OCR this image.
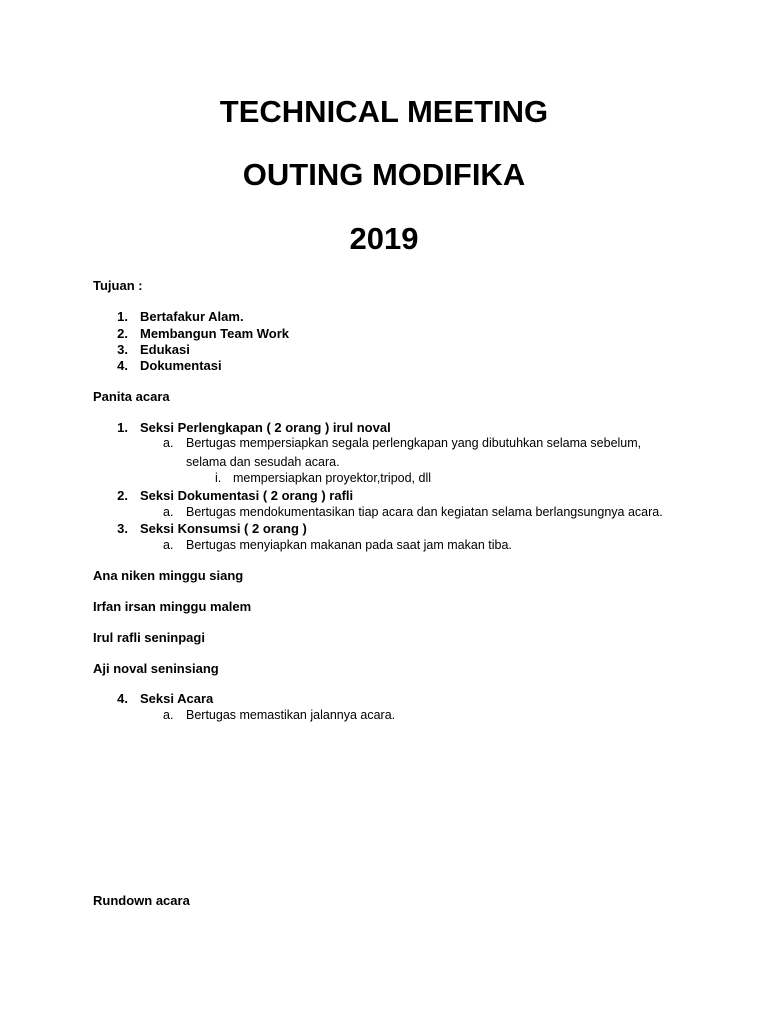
TECHNICAL MEETING
OUTING MODIFIKA
2019
Tujuan :
1. Bertafakur Alam.
2. Membangun Team Work
3. Edukasi
4. Dokumentasi
Panita acara
1. Seksi Perlengkapan ( 2 orang ) irul noval
a. Bertugas mempersiapkan segala perlengkapan yang dibutuhkan selama sebelum,
selama dan sesudah acara.
i. mempersiapkan proyektor,tripod, dll
2. Seksi Dokumentasi ( 2 orang ) rafli
a. Bertugas mendokumentasikan tiap acara dan kegiatan selama berlangsungnya acara.
3. Seksi Konsumsi ( 2 orang )
a. Bertugas menyiapkan makanan pada saat jam makan tiba.
Ana niken minggu siang
Irfan irsan minggu malem
Irul rafli seninpagi
Aji noval seninsiang
4. Seksi Acara
a. Bertugas memastikan jalannya acara.
Rundown acara
